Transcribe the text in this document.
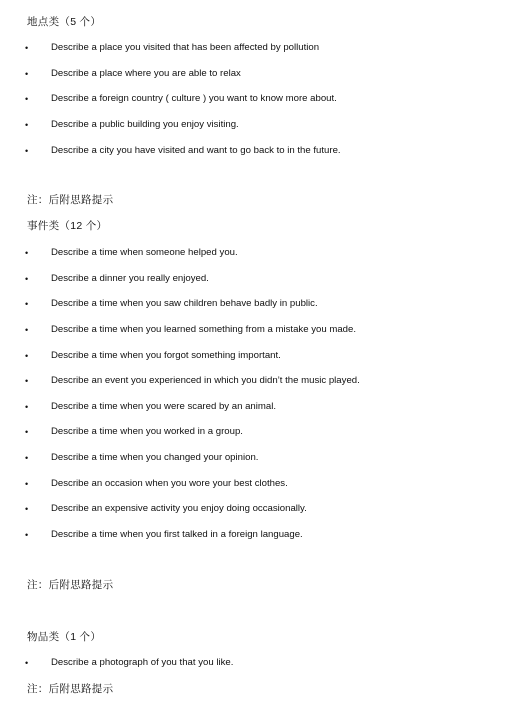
地点类（5 个）
• Describe a place you visited that has been affected by pollution
• Describe a place where you are able to relax
• Describe a foreign country ( culture ) you want to know more about.
• Describe a public building you enjoy visiting.
• Describe a city you have visited and want to go back to in the future.
注：后附思路提示
事件类（12 个）
• Describe a time when someone helped you.
• Describe a dinner you really enjoyed.
• Describe a time when you saw children behave badly in public.
• Describe a time when you learned something from a mistake you made.
• Describe a time when you forgot something important.
• Describe an event you experienced in which you didn’t the music played.
• Describe a time when you were scared by an animal.
• Describe a time when you worked in a group.
• Describe a time when you changed your opinion.
• Describe an occasion when you wore your best clothes.
• Describe an expensive activity you enjoy doing occasionally.
• Describe a time when you first talked in a foreign language.
注：后附思路提示
物品类（1 个）
• Describe a photograph of you that you like.
注：后附思路提示
